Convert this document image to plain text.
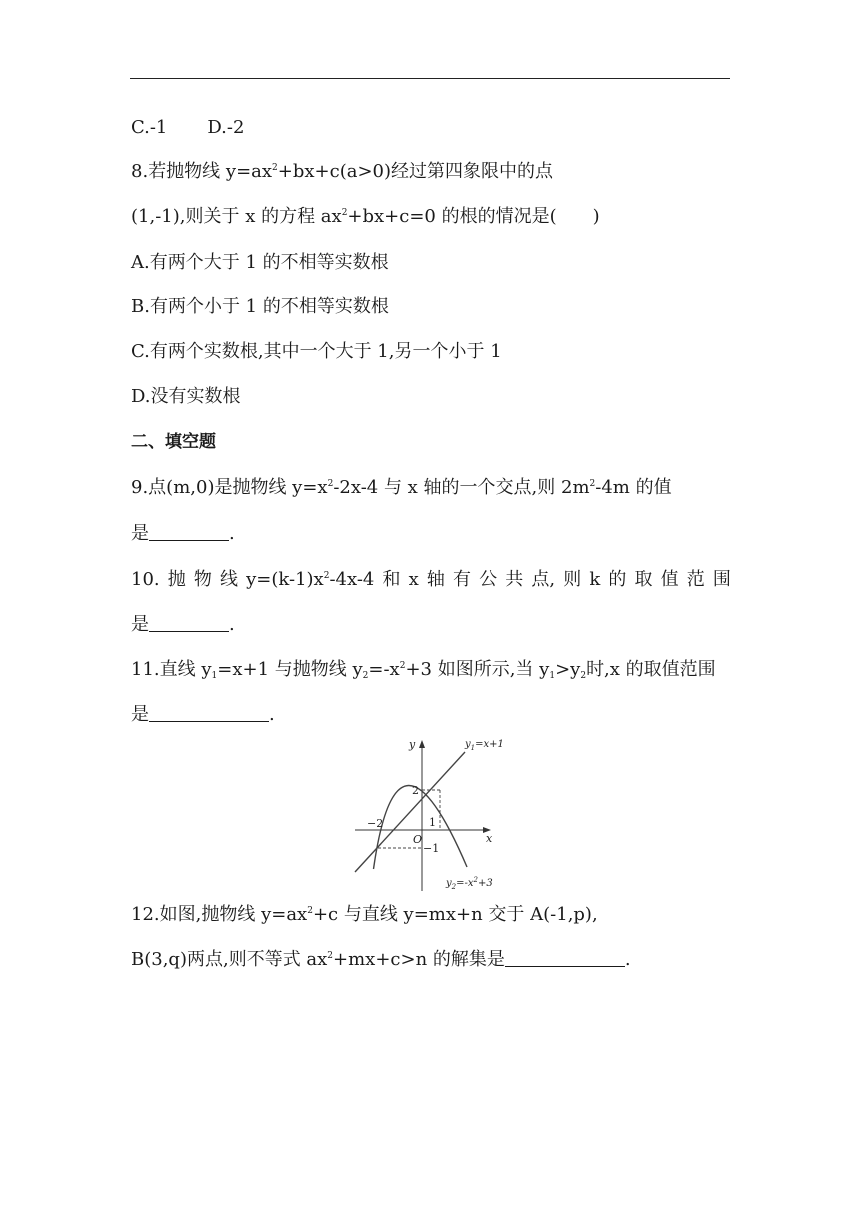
C.-1 D.-2
8.若抛物线 $y=ax^2+bx+c(a>0)$经过第四象限中的点
(1,-1),则关于 x 的方程 $ax^2+bx+c=0$ 的根的情况是(　　)
A.有两个大于 1 的不相等实数根
B.有两个小于 1 的不相等实数根
C.有两个实数根,其中一个大于 1,另一个小于 1
D.没有实数根
二、填空题
9.点(m,0)是抛物线 $y=x^2-2x-4$ 与 x 轴的一个交点,则 $2m^2-4m$ 的值
是	.
10. 抛 物 线 $y=(k-1)x^2-4x-4$ 和 x 轴 有 公 共 点, 则 k 的 取 值 范 围
是	.
11.直线 $y_1=x+1$ 与抛物线 $y_2=-x^2+3$ 如图所示,当 $y_1>y_2$时,x 的取值范围
是	.
y
x
2
1
−2
−1
O
$y_1=x+1$
$y_2=-x^2+3$
12.如图,抛物线 $y=ax^2+c$ 与直线 y=mx+n 交于 A(-1,p),
B(3,q)两点,则不等式 $ax^2+mx+c>n$ 的解集是	.
